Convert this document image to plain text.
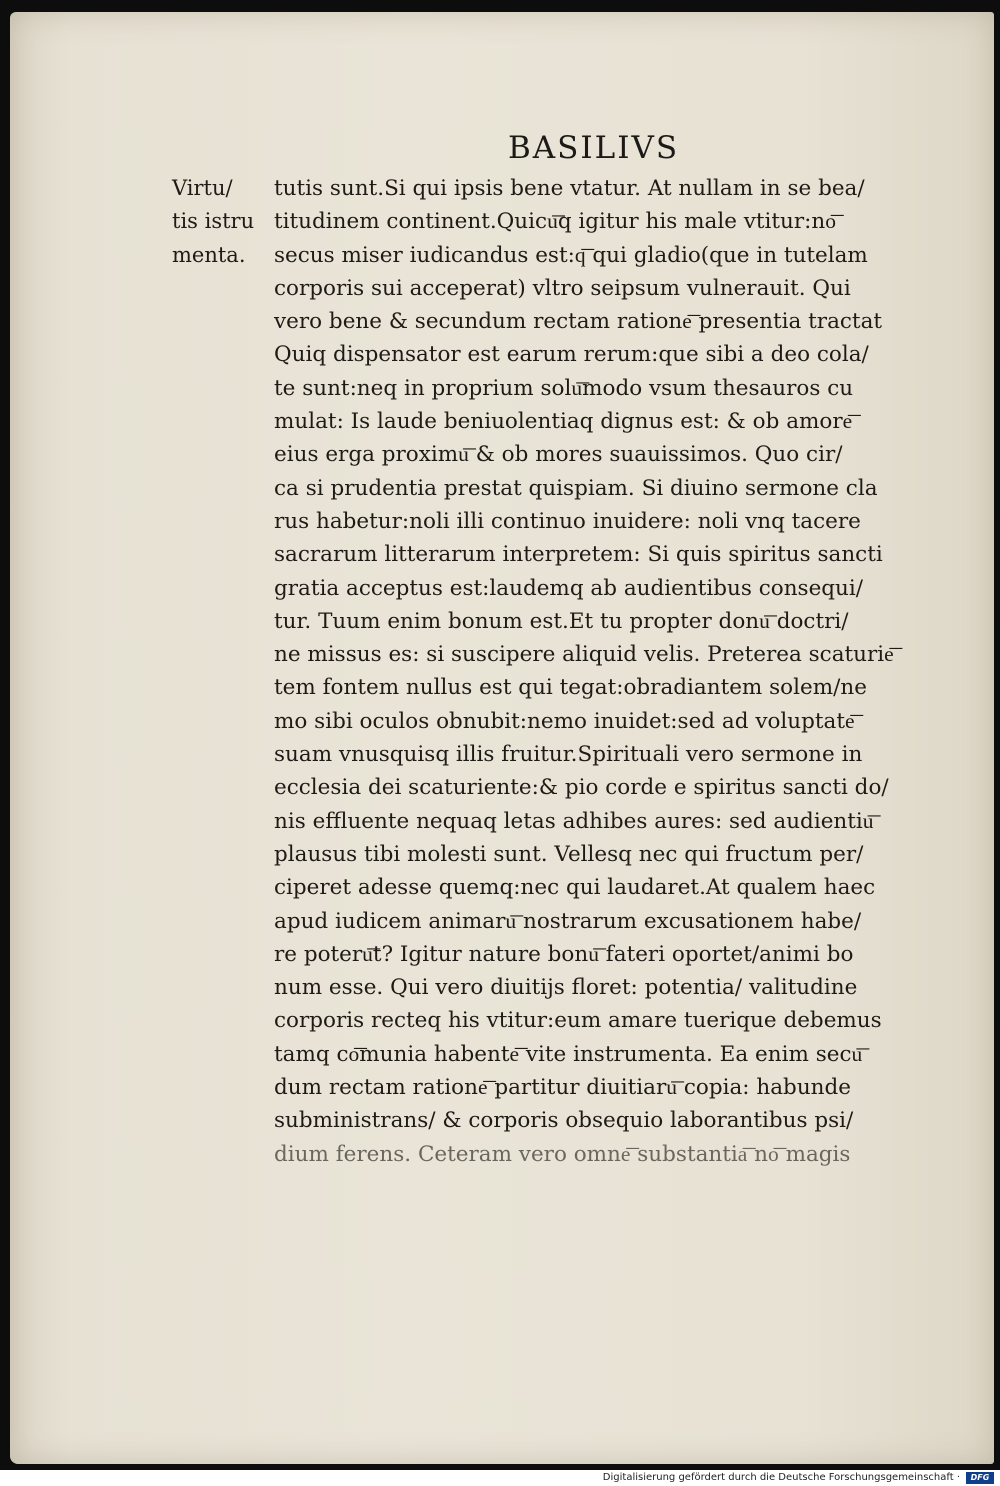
BASILIVS
Virtu/
tis istru
menta.
tutis sunt.Si qui ipsis bene vtatur. At nullam in se bea/
titudinem continent.Quicu͞q igitur his male vtitur:no͞
secus miser iudicandus est:q͞ qui gladio(que in tutelam
corporis sui acceperat) vltro seipsum vulnerauit. Qui
vero bene & secundum rectam ratione͞ presentia tractat
Quiq dispensator est earum rerum:que sibi a deo cola/
te sunt:neq in proprium solu͞modo vsum thesauros cu
mulat: Is laude beniuolentiaq dignus est: & ob amore͞
eius erga proximu͞ & ob mores suauissimos. Quo cir/
ca si prudentia prestat quispiam. Si diuino sermone cla
rus habetur:noli illi continuo inuidere: noli vnq tacere
sacrarum litterarum interpretem: Si quis spiritus sancti
gratia acceptus est:laudemq ab audientibus consequi/
tur. Tuum enim bonum est.Et tu propter donu͞ doctri/
ne missus es: si suscipere aliquid velis. Preterea scaturie͞
tem fontem nullus est qui tegat:obradiantem solem/ne
mo sibi oculos obnubit:nemo inuidet:sed ad voluptate͞
suam vnusquisq illis fruitur.Spirituali vero sermone in
ecclesia dei scaturiente:& pio corde e spiritus sancti do/
nis effluente nequaq letas adhibes aures: sed audientiu͞
plausus tibi molesti sunt. Vellesq nec qui fructum per/
ciperet adesse quemq:nec qui laudaret.At qualem haec
apud iudicem animaru͞ nostrarum excusationem habe/
re poteru͞t? Igitur nature bonu͞ fateri oportet/animi bo
num esse. Qui vero diuitijs floret: potentia/ valitudine
corporis recteq his vtitur:eum amare tuerique debemus
tamq co͞munia habente͞ vite instrumenta. Ea enim secu͞
dum rectam ratione͞ partitur diuitiaru͞ copia: habunde
subministrans/ & corporis obsequio laborantibus psi/
dium ferens. Ceteram vero omne͞ substantia͞ no͞ magis
Digitalisierung gefördert durch die Deutsche Forschungsgemeinschaft ·	DFG
